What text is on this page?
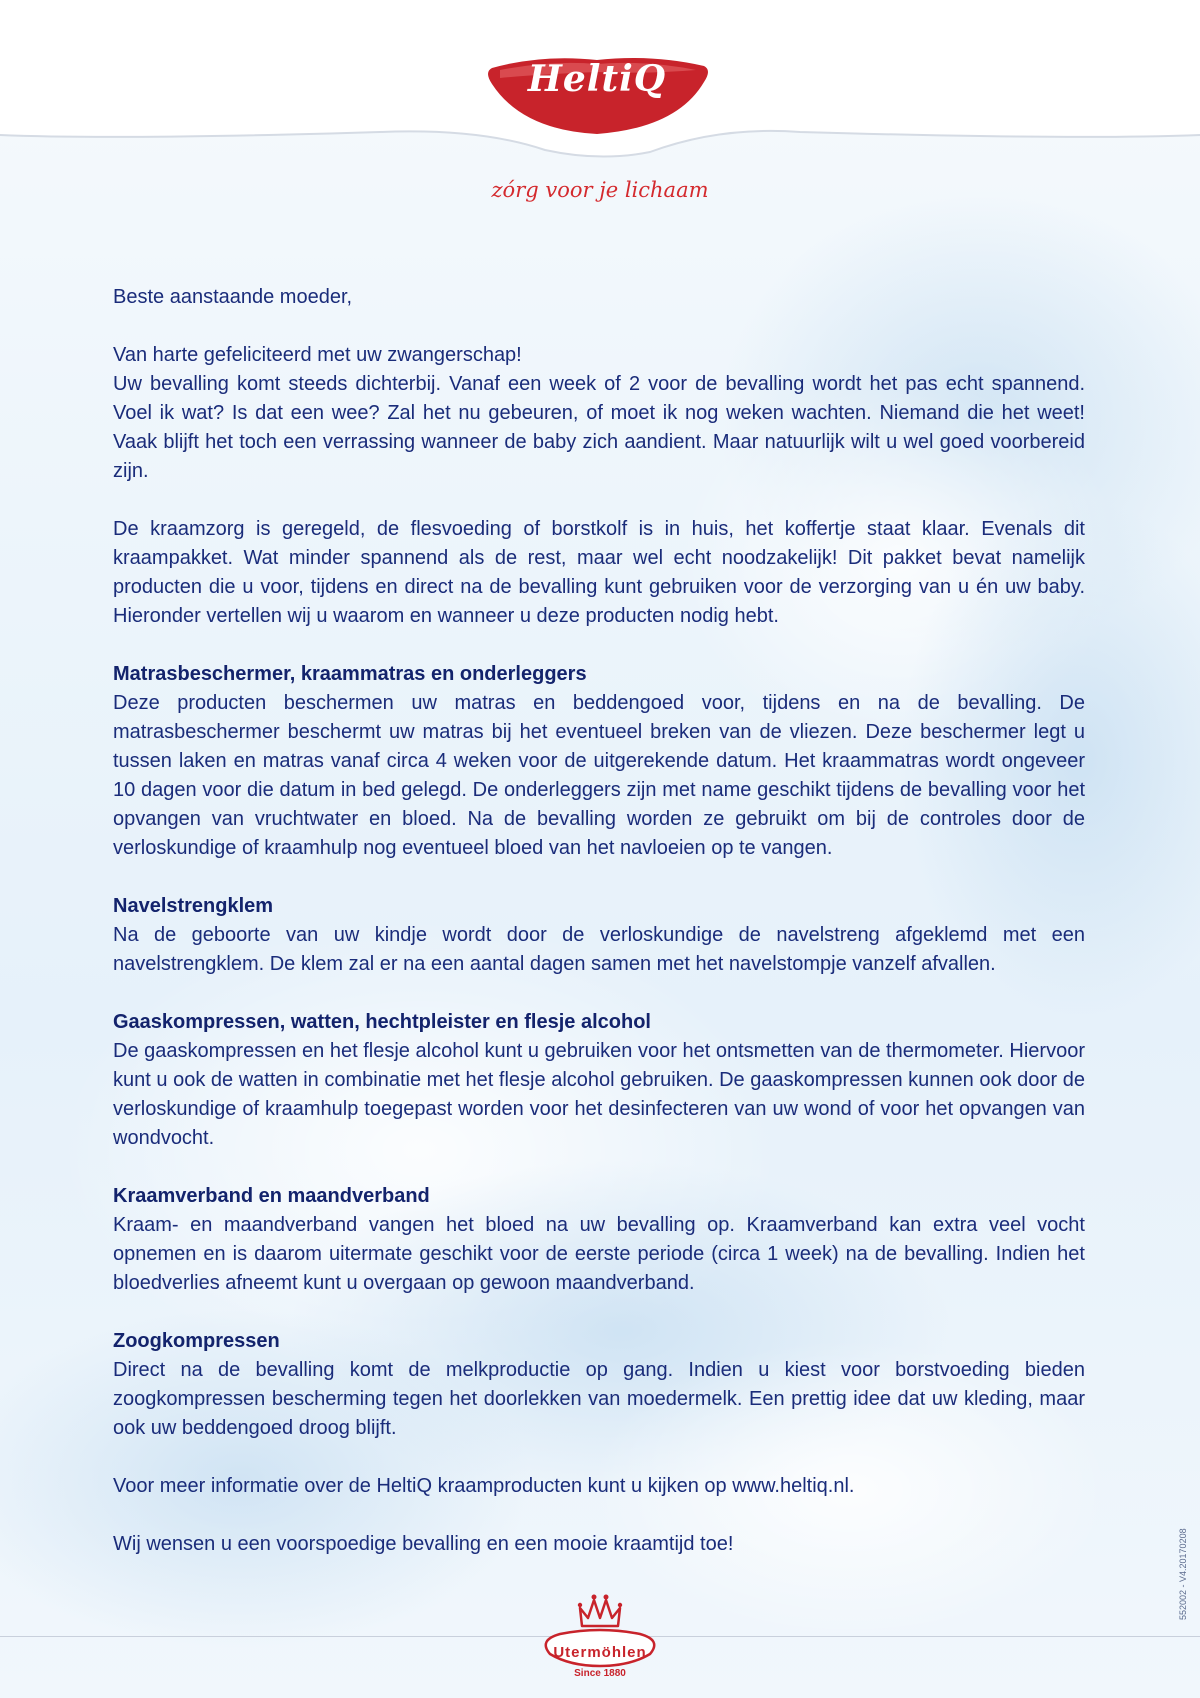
HeltiQ
zórg voor je lichaam

Beste aanstaande moeder,

Van harte gefeliciteerd met uw zwangerschap!

Uw bevalling komt steeds dichterbij. Vanaf een week of 2 voor de bevalling wordt het pas echt spannend. Voel ik wat? Is dat een wee? Zal het nu gebeuren, of moet ik nog weken wachten. Niemand die het weet! Vaak blijft het toch een verrassing wanneer de baby zich aandient. Maar natuurlijk wilt u wel goed voorbereid zijn.

De kraamzorg is geregeld, de flesvoeding of borstkolf is in huis, het koffertje staat klaar. Evenals dit kraampakket. Wat minder spannend als de rest, maar wel echt noodzakelijk! Dit pakket bevat namelijk producten die u voor, tijdens en direct na de bevalling kunt gebruiken voor de verzorging van u én uw baby. Hieronder vertellen wij u waarom en wanneer u deze producten nodig hebt.

Matrasbeschermer, kraammatras en onderleggers

Deze producten beschermen uw matras en beddengoed voor, tijdens en na de bevalling. De matrasbeschermer beschermt uw matras bij het eventueel breken van de vliezen. Deze beschermer legt u tussen laken en matras vanaf circa 4 weken voor de uitgerekende datum. Het kraammatras wordt ongeveer 10 dagen voor die datum in bed gelegd. De onderleggers zijn met name geschikt tijdens de bevalling voor het opvangen van vruchtwater en bloed. Na de bevalling worden ze gebruikt om bij de controles door de verloskundige of kraamhulp nog eventueel bloed van het navloeien op te vangen.

Navelstrengklem

Na de geboorte van uw kindje wordt door de verloskundige de navelstreng afgeklemd met een navelstrengklem. De klem zal er na een aantal dagen samen met het navelstompje vanzelf afvallen.

Gaaskompressen, watten, hechtpleister en flesje alcohol

De gaaskompressen en het flesje alcohol kunt u gebruiken voor het ontsmetten van de thermometer. Hiervoor kunt u ook de watten in combinatie met het flesje alcohol gebruiken. De gaaskompressen kunnen ook door de verloskundige of kraamhulp toegepast worden voor het desinfecteren van uw wond of voor het opvangen van wondvocht.

Kraamverband en maandverband

Kraam- en maandverband vangen het bloed na uw bevalling op. Kraamverband kan extra veel vocht opnemen en is daarom uitermate geschikt voor de eerste periode (circa 1 week) na de bevalling. Indien het bloedverlies afneemt kunt u overgaan op gewoon maandverband.

Zoogkompressen

Direct na de bevalling komt de melkproductie op gang. Indien u kiest voor borstvoeding bieden zoogkompressen bescherming tegen het doorlekken van moedermelk. Een prettig idee dat uw kleding, maar ook uw beddengoed droog blijft.

Voor meer informatie over de HeltiQ kraamproducten kunt u kijken op www.heltiq.nl.

Wij wensen u een voorspoedige bevalling en een mooie kraamtijd toe!	552002 - V4.20170208
Utermöhlen
Since 1880
